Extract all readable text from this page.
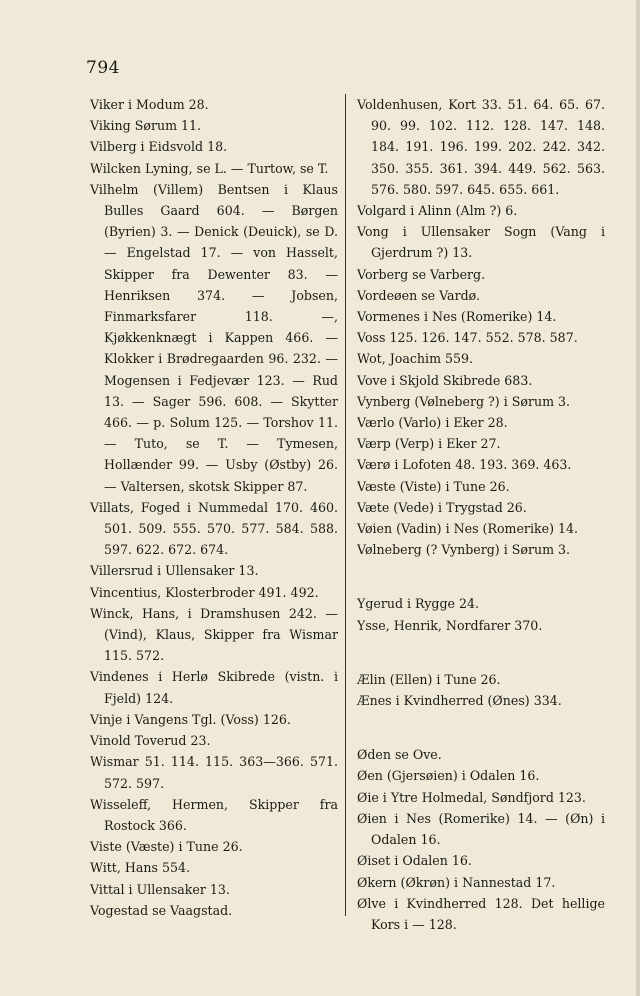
794
Viker i Modum 28.
Viking Sørum 11.
Vilberg i Eidsvold 18.
Wilcken Lyning, se L. — Turtow, se T.
Vilhelm (Villem) Bentsen i Klaus Bulles Gaard 604. — Børgen (Byrien) 3. — Denick (Deuick), se D. — Engelstad 17. — von Hasselt, Skipper fra Dewenter 83. — Henriksen 374. — Jobsen, Finmarksfarer 118. —, Kjøkkenknægt i Kappen 466. — Klokker i Brødregaarden 96. 232. — Mogensen i Fedjevær 123. — Rud 13. — Sager 596. 608. — Skytter 466. — p. Solum 125. — Torshov 11. — Tuto, se T. — Tymesen, Hollænder 99. — Usby (Østby) 26. — Valtersen, skotsk Skipper 87.
Villats, Foged i Nummedal 170. 460. 501. 509. 555. 570. 577. 584. 588. 597. 622. 672. 674.
Villersrud i Ullensaker 13.
Vincentius, Klosterbroder 491. 492.
Winck, Hans, i Dramshusen 242. — (Vind), Klaus, Skipper fra Wismar 115. 572.
Vindenes i Herlø Skibrede (vistn. i Fjeld) 124.
Vinje i Vangens Tgl. (Voss) 126.
Vinold Toverud 23.
Wismar 51. 114. 115. 363—366. 571. 572. 597.
Wisseleff, Hermen, Skipper fra Rostock 366.
Viste (Væste) i Tune 26.
Witt, Hans 554.
Vittal i Ullensaker 13.
Vogestad se Vaagstad.
Voldenhusen, Kort 33. 51. 64. 65. 67. 90. 99. 102. 112. 128. 147. 148. 184. 191. 196. 199. 202. 242. 342. 350. 355. 361. 394. 449. 562. 563. 576. 580. 597. 645. 655. 661.
Volgard i Alinn (Alm ?) 6.
Vong i Ullensaker Sogn (Vang i Gjerdrum ?) 13.
Vorberg se Varberg.
Vordeøen se Vardø.
Vormenes i Nes (Romerike) 14.
Voss 125. 126. 147. 552. 578. 587.
Wot, Joachim 559.
Vove i Skjold Skibrede 683.
Vynberg (Vølneberg ?) i Sørum 3.
Værlo (Varlo) i Eker 28.
Værp (Verp) i Eker 27.
Værø i Lofoten 48. 193. 369. 463.
Væste (Viste) i Tune 26.
Væte (Vede) i Trygstad 26.
Vøien (Vadin) i Nes (Romerike) 14.
Vølneberg (? Vynberg) i Sørum 3.
Ygerud i Rygge 24.
Ysse, Henrik, Nordfarer 370.
Ælin (Ellen) i Tune 26.
Ænes i Kvindherred (Ønes) 334.
Øden se Ove.
Øen (Gjersøien) i Odalen 16.
Øie i Ytre Holmedal, Søndfjord 123.
Øien i Nes (Romerike) 14. — (Øn) i Odalen 16.
Øiset i Odalen 16.
Økern (Økrøn) i Nannestad 17.
Ølve i Kvindherred 128. Det hellige Kors i — 128.
